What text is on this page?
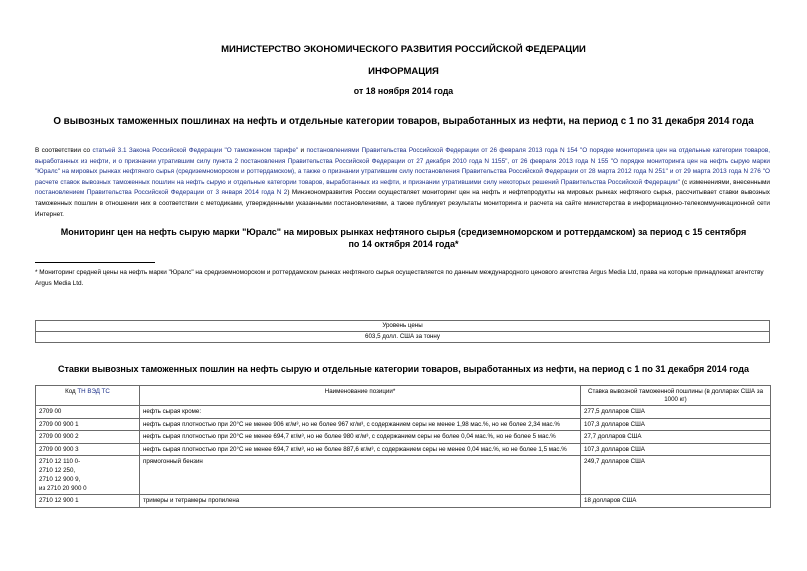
МИНИСТЕРСТВО ЭКОНОМИЧЕСКОГО РАЗВИТИЯ РОССИЙСКОЙ ФЕДЕРАЦИИ
ИНФОРМАЦИЯ
от 18 ноября 2014 года
О вывозных таможенных пошлинах на нефть и отдельные категории товаров, выработанных из нефти, на период с 1 по 31 декабря 2014 года
В соответствии со статьей 3.1 Закона Российской Федерации "О таможенном тарифе" и постановлениями Правительства Российской Федерации от 26 февраля 2013 года N 154 "О порядке мониторинга цен на отдельные категории товаров, выработанных из нефти, и о признании утратившим силу пункта 2 постановления Правительства Российской Федерации от 27 декабря 2010 года N 1155", от 26 февраля 2013 года N 155 "О порядке мониторинга цен на нефть сырую марки "Юралс" на мировых рынках нефтяного сырья (средиземноморском и роттердамском), а также о признании утратившим силу постановления Правительства Российской Федерации от 28 марта 2012 года N 251" и от 29 марта 2013 года N 276 "О расчете ставок вывозных таможенных пошлин на нефть сырую и отдельные категории товаров, выработанных из нефти, и признании утратившими силу некоторых решений Правительства Российской Федерации" (с изменениями, внесенными постановлением Правительства Российской Федерации от 3 января 2014 года N 2) Минэкономразвития России осуществляет мониторинг цен на нефть и нефтепродукты на мировых рынках нефтяного сырья, рассчитывает ставки вывозных таможенных пошлин в отношении них в соответствии с методиками, утвержденными указанными постановлениями, а также публикует результаты мониторинга и расчета на сайте министерства в информационно-телекоммуникационной сети Интернет.
Мониторинг цен на нефть сырую марки "Юралс" на мировых рынках нефтяного сырья (средиземноморском и роттердамском) за период с 15 сентября по 14 октября 2014 года*
* Мониторинг средней цены на нефть марки "Юралс" на средиземноморском и роттердамском рынках нефтяного сырья осуществляется по данным международного ценового агентства Argus Media Ltd, права на которые принадлежат агентству Argus Media Ltd.
Уровень цены
603,5 долл. США за тонну
Ставки вывозных таможенных пошлин на нефть сырую и отдельные категории товаров, выработанных из нефти, на период с 1 по 31 декабря 2014 года
Код ТН ВЭД ТС	Наименование позиции*	Ставка вывозной таможенной пошлины (в долларах США за 1000 кг)
2709 00	нефть сырая кроме:	277,5 долларов США
2709 00 900 1	нефть сырая плотностью при 20°С не менее 906 кг/м³, но не более 967 кг/м³, с содержанием серы не менее 1,98 мас.%, но не более 2,34 мас.%	107,3 долларов США
2709 00 900 2	нефть сырая плотностью при 20°С не менее 694,7 кг/м³, но не более 980 кг/м³, с содержанием серы не более 0,04 мас.%, но не более 5 мас.%	27,7 долларов США
2709 00 900 3	нефть сырая плотностью при 20°С не менее 694,7 кг/м³, но не более 887,6 кг/м³, с содержанием серы не менее 0,04 мас.%, но не более 1,5 мас.%	107,3 долларов США
2710 12 110 0-
2710 12 250,
2710 12 900 9,
из 2710 20 900 0	прямогонный бензин	249,7 долларов США
2710 12 900 1	тримеры и тетрамеры пропилена	18 долларов США
